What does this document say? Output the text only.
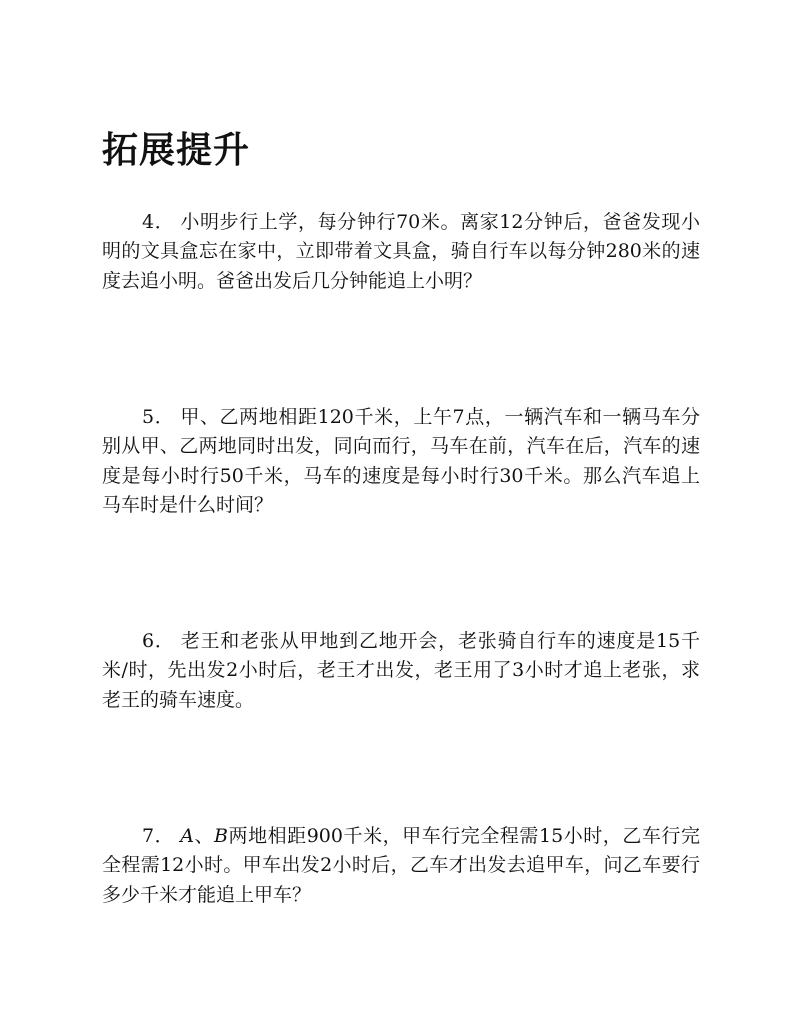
拓展提升

4． 小明步行上学，每分钟行70米。离家12分钟后，爸爸发现小明的文具盒忘在家中，立即带着文具盒，骑自行车以每分钟280米的速度去追小明。爸爸出发后几分钟能追上小明？

5． 甲、乙两地相距120千米，上午7点，一辆汽车和一辆马车分别从甲、乙两地同时出发，同向而行，马车在前，汽车在后，汽车的速度是每小时行50千米，马车的速度是每小时行30千米。那么汽车追上马车时是什么时间？

6． 老王和老张从甲地到乙地开会，老张骑自行车的速度是15千米/时，先出发2小时后，老王才出发，老王用了3小时才追上老张，求老王的骑车速度。

7． A、B两地相距900千米，甲车行完全程需15小时，乙车行完全程需12小时。甲车出发2小时后，乙车才出发去追甲车，问乙车要行多少千米才能追上甲车？
